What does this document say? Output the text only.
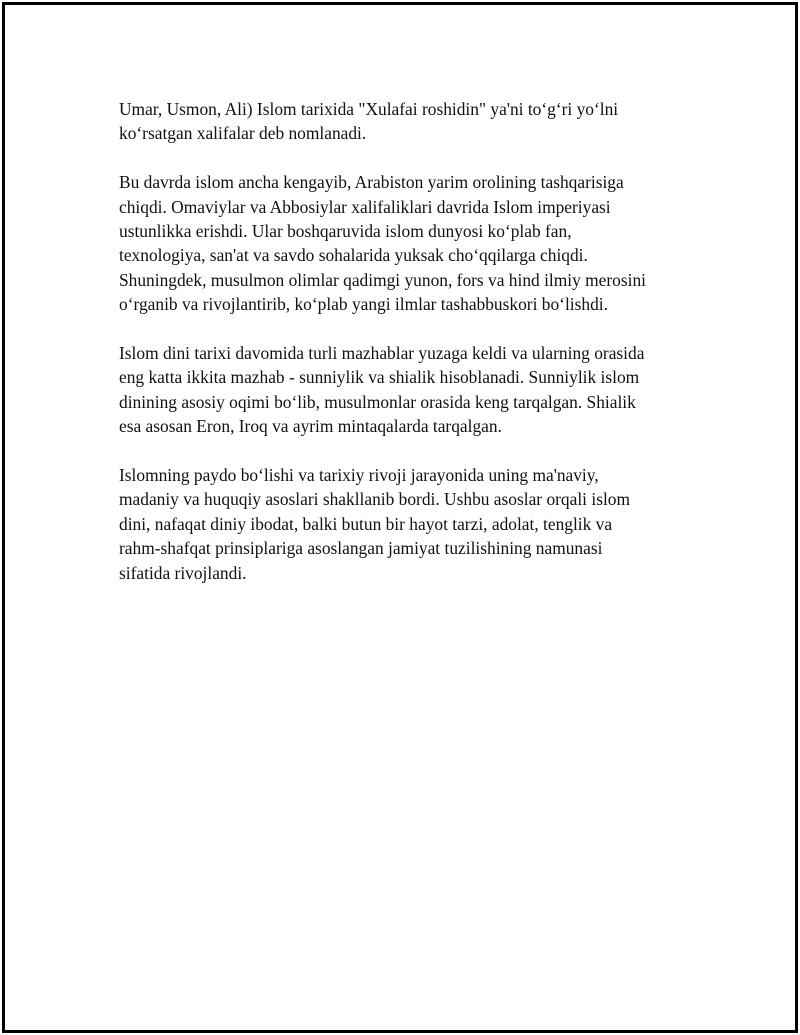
Umar, Usmon, Ali) Islom tarixida "Xulafai roshidin" ya'ni to‘g‘ri yo‘lni
ko‘rsatgan xalifalar deb nomlanadi.

Bu davrda islom ancha kengayib, Arabiston yarim orolining tashqarisiga
chiqdi. Omaviylar va Abbosiylar xalifaliklari davrida Islom imperiyasi
ustunlikka erishdi. Ular boshqaruvida islom dunyosi ko‘plab fan,
texnologiya, san'at va savdo sohalarida yuksak cho‘qqilarga chiqdi.
Shuningdek, musulmon olimlar qadimgi yunon, fors va hind ilmiy merosini
o‘rganib va rivojlantirib, ko‘plab yangi ilmlar tashabbuskori bo‘lishdi.

Islom dini tarixi davomida turli mazhablar yuzaga keldi va ularning orasida
eng katta ikkita mazhab - sunniylik va shialik hisoblanadi. Sunniylik islom
dinining asosiy oqimi bo‘lib, musulmonlar orasida keng tarqalgan. Shialik
esa asosan Eron, Iroq va ayrim mintaqalarda tarqalgan.

Islomning paydo bo‘lishi va tarixiy rivoji jarayonida uning ma'naviy,
madaniy va huquqiy asoslari shakllanib bordi. Ushbu asoslar orqali islom
dini, nafaqat diniy ibodat, balki butun bir hayot tarzi, adolat, tenglik va
rahm-shafqat prinsiplariga asoslangan jamiyat tuzilishining namunasi
sifatida rivojlandi.
